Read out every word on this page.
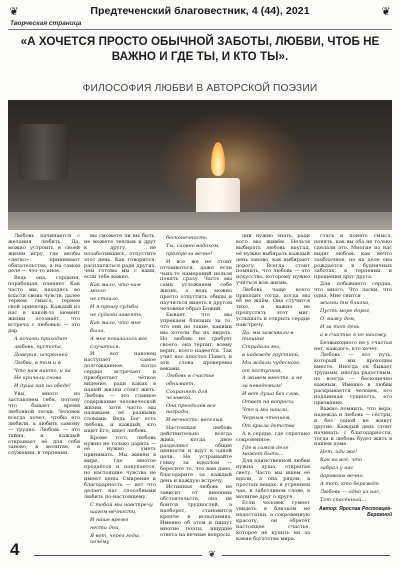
❦	Предтеченский благовестник, 4 (44), 2021	❦
Творческая страница
«А ХОЧЕТСЯ ПРОСТО ОБЫЧНОЙ ЗАБОТЫ, ЛЮБВИ, ЧТОБ НЕ ВАЖНО И ГДЕ ТЫ, И КТО ТЫ».
ФИЛОСОФИЯ ЛЮБВИ В АВТОРСКОЙ ПОЭЗИИ

Любовь начинается с желания любить. Да, можно устроить в своей жизни игру, где якобы «легко» принимают обязательства, а на самом деле — что-то иное.

Ведь она, гордыня, порабощая, пленяет. Как часто мы, находясь во власти своих чувств, далее теряем смысл, теряем свой ориентир. Каждый из нас в какой-то момент жизни осознаёт, что встреча с любовью — это дар.

А ночами приходит

любовь, пустота,

Доверия, искренней

Любви, в том и в

Что нам никто, и на

Не кричали снова

И душа как на обеде!

Увы, много из заставляем себя, потому что бывает время любовной тоски. Человек всегда хочет, чтобы его любили, а любить самому — трудно. Любовь — это тайна, и каждый открывает её для себя заново, в молитве, в служении, в терпении.

вы сможете ли вы быть, не можете теплым к друг к другу, не позаботившись, отпустите этот день. Как говорится, расплатиться ради других, чем готовы мы с вами, если тебе важно.

Как мало, что нам могло

не стоило,

И я прошу судьбы

не судами завеять,

Как мало, что мне

были,

А мне показалось все

случаться.

И вот наконец наступает самое долгожданное, когда сердце встречает и приобретает чёткое видение, ради каких в нашей жизни стоит жить. Любовь — это главное содержание человеческой жизни, хотя часто мы называем её разными словами. Ведь Бог есть любовь, и каждый, кто ищет Его, ищет любовь.

Кроме того, любовь нужно не только дарить — её нужно уметь принимать. Мы живём в мире, где многое продаётся и покупается, но настоящие чувства не имеют цены. Смирение и благодарность — вот что делает нас способными любить по-настоящему.

С тобой мы навстречу

шагом вечности,

И наше время

нести дни,

Я вот, через годы, почему

бесконечность

Ты, словно вздохом,

прогорели вечно!

И все же не стоит отчаиваться, даже если чьих-то намерений нельзя понять сразу. Часто мы сами усложняем себе жизнь, а ведь можно просто отпустить обиды и научиться видеть в другом человеке образ Божий.

Бывает, что мы упрекаем близких за то, что они не такие, какими мы хотели бы их видеть. Но любовь не требует своего, она терпит, всему верит, всего надеется. Так учит нас апостол Павел, и эти слова проверены веками.

Любовь в счастье

обнимает,

Сохраняет для человека,

Она преодолев все награды,

И вечность, веселый

Настоящая любовь действительно всегда жива, когда двое разделяют общие ценности и идут к одной цели. Не устраивайте гонку за идеалом — берегите то, что вам дано, благодарите за каждый день и каждую встречу.

Истинная любовь не зависит от внешних обстоятельств, она не боится трудностей, а наоборот, становится крепче в испытаниях. Именно об этом и пишут многие поэты, ищущие ответа на вечные вопросы.

дни нужно знать, ради кого мы живём. Нельзя выбирать любовь наугад, её нужно выбирать каждый день заново, как выбирают дорогу. Всегда стоит помнить, что любовь — это искусство, которому нужно учиться всю жизнь.

Любовь чаще всего приходит тогда, когда мы её не ждём. Она стучится тихо, и важно не пропустить этот миг, услышать и открыть сердце навстречу.

Да, мы заживали в тишине

Страдали мы,

в надежде грустной,

Мы ждали чудесного,

от поступков,

А живем вместе, а не

за неведомым!

И вот душа без слов,

Ответ на вопросы,

Что и мы нашли,

Черным-чтением,

От крыла детства

А в сердце, где спрятано сокровенное,

Где в самом деле может быть...

Для единственной любви нужна душа, открытая свету. Часто мы ищем её вдали, а она рядом, в простых вещах: в утреннем чае, в заботливом слове, в молитве друг о друге.

Если человек сумеет увидеть в близком не недостатки, а сокровенную красоту, он обретёт настоящее счастье, которое не купить ни за какие богатства мира.

стать и понять смысл, понять, как вы оба не только сделали это. Многие из нас видят любовь как нечто заоблачное, но на деле она рождается в будничных заботах, в терпении и прощении друг друга.

Для побывшего сердца, что много, Что ласки, что одна, Мне снится

жизни ты близка,

Пусть море дорог,

О, вижу дом,

И за тот день

а в счастье я не нахожу.

Безвыходного не у счастья нет, каждого, кто хочет.

Любовь — это путь, который мы проходим вместе. Иногда он бывает трудным, иногда радостным, но всегда — бесконечно важным. Именно в любви раскрывается человек, его подлинная сущность, его призвание.

Важно помнить, что вера, надежда и любовь — сёстры, и без одной не живут другие. Каждый день стоит начинать с благодарности, тогда и любовь будет жить в нашем доме.

Нет, иди же!

Как на всё, что

забрал у нас

дарованы вечно,

А тот, кто бережёт

Любовь — одно из нас,

Тот спасённый...

Автор: Ярослав Ростовцев-Бережной

4	❦
